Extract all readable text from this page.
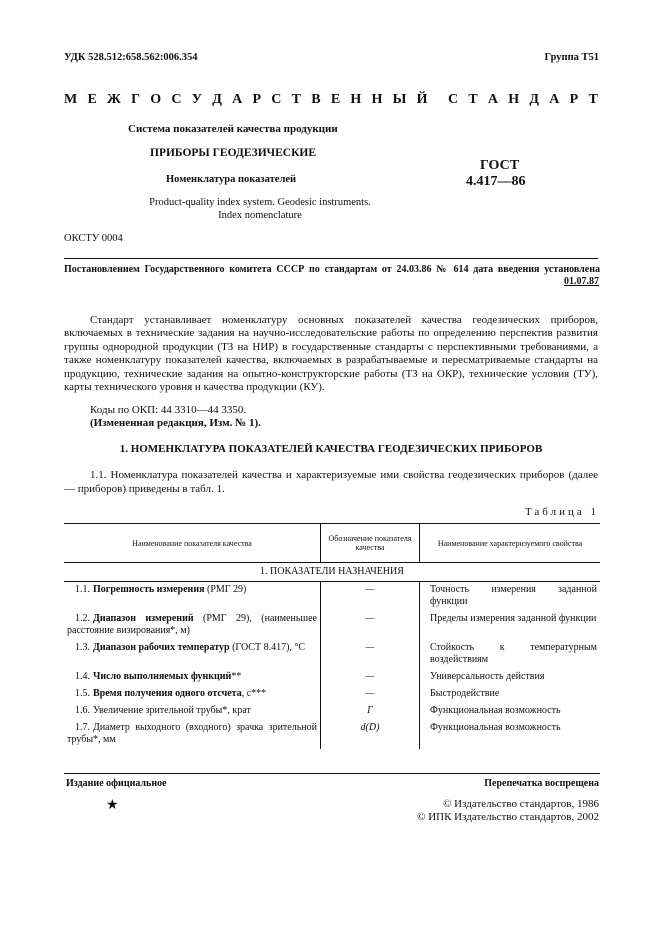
УДК 528.512:658.562:006.354	Группа Т51
М Е Ж Г О С У Д А Р С Т В Е Н Н Ы Й С Т А Н Д А Р Т
Система показателей качества продукции
ПРИБОРЫ ГЕОДЕЗИЧЕСКИЕ
Номенклатура показателей
ГОСТ
4.417—86
Product-quality index system. Geodesic instruments.
Index nomenclature
ОКСТУ 0004
Постановлением Государственного комитета СССР по стандартам от 24.03.86 № 614 дата введения установлена
01.07.87
Стандарт устанавливает номенклатуру основных показателей качества геодезических приборов, включаемых в технические задания на научно-исследовательские работы по определению перспектив развития группы однородной продукции (ТЗ на НИР) в государственные стандарты с перспективными требованиями, а также номенклатуру показателей качества, включаемых в разрабатываемые и пересматриваемые стандарты на продукцию, технические задания на опытно-конструкторские работы (ТЗ на ОКР), технические условия (ТУ), карты технического уровня и качества продукции (КУ).
Коды по ОКП: 44 3310—44 3350.
(Измененная редакция, Изм. № 1).
1. НОМЕНКЛАТУРА ПОКАЗАТЕЛЕЙ КАЧЕСТВА ГЕОДЕЗИЧЕСКИХ ПРИБОРОВ
1.1. Номенклатура показателей качества и характеризуемые ими свойства геодезических приборов (далее — приборов) приведены в табл. 1.
Таблица 1
Наименование показателя качества	Обозначение показателя качества	Наименование характеризуемого свойства
1. ПОКАЗАТЕЛИ НАЗНАЧЕНИЯ		
1.1. Погрешность измерения (РМГ 29)	—	Точность измерения заданной функции
1.2. Диапазон измерений (РМГ 29), (наименьшее расстояние визирования*, м)	—	Пределы измерения заданной функции
1.3. Диапазон рабочих температур (ГОСТ 8.417), °С	—	Стойкость к температурным воздействиям
1.4. Число выполняемых функций**	—	Универсальность действия
1.5. Время получения одного отсчета, с***	—	Быстродействие
1.6. Увеличение зрительной трубы*, крат	Г	Функциональная возможность
1.7. Диаметр выходного (входного) зрачка зрительной трубы*, мм	d(D)	Функциональная возможность
Издание официальное	Перепечатка воспрещена
★	© Издательство стандартов, 1986
© ИПК Издательство стандартов, 2002
